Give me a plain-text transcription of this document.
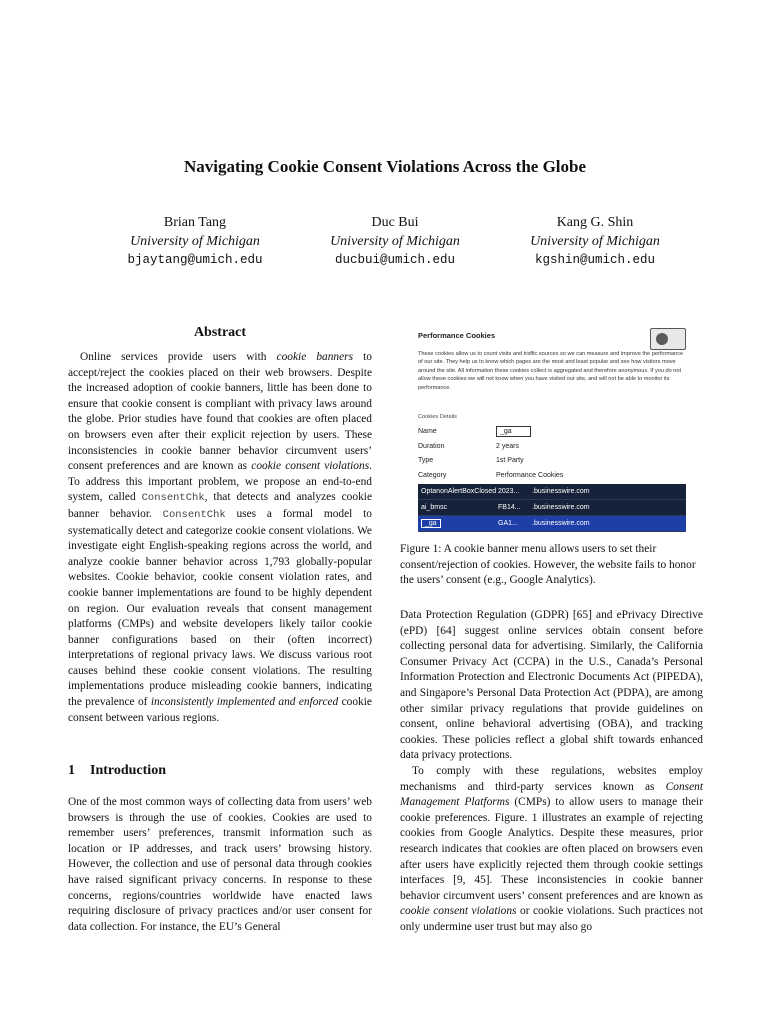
Navigating Cookie Consent Violations Across the Globe
Brian Tang
University of Michigan
bjaytang@umich.edu
Duc Bui
University of Michigan
ducbui@umich.edu
Kang G. Shin
University of Michigan
kgshin@umich.edu
Abstract

Online services provide users with cookie banners to accept/reject the cookies placed on their web browsers. Despite the increased adoption of cookie banners, little has been done to ensure that cookie consent is compliant with privacy laws around the globe. Prior studies have found that cookies are often placed on browsers even after their explicit rejection by users. These inconsistencies in cookie banner behavior circumvent users’ consent preferences and are known as cookie consent violations. To address this important problem, we propose an end-to-end system, called ConsentChk, that detects and analyzes cookie banner behavior. ConsentChk uses a formal model to systematically detect and categorize cookie consent violations. We investigate eight English-speaking regions across the world, and analyze cookie banner behavior across 1,793 globally-popular websites. Cookie behavior, cookie consent violation rates, and cookie banner implementations are found to be highly dependent on region. Our evaluation reveals that consent management platforms (CMPs) and website developers likely tailor cookie banner configurations based on their (often incorrect) interpretations of regional privacy laws. We discuss various root causes behind these cookie consent violations. The resulting implementations produce misleading cookie banners, indicating the prevalence of inconsistently implemented and enforced cookie consent between various regions.

1 Introduction

One of the most common ways of collecting data from users’ web browsers is through the use of cookies. Cookies are used to remember users’ preferences, transmit information such as location or IP addresses, and track users’ browsing history. However, the collection and use of personal data through cookies have raised significant privacy concerns. In response to these concerns, regions/countries worldwide have enacted laws requiring disclosure of privacy practices and/or user consent for data collection. For instance, the EU’s General

Performance Cookies
These cookies allow us to count visits and traffic sources so we can measure and improve the performance of our site. They help us to know which pages are the most and least popular and see how visitors move around the site. All information these cookies collect is aggregated and therefore anonymous. If you do not allow these cookies we will not know when you have visited our site, and will not be able to monitor its performance.
Cookies Details
Name	_ga
Duration	2 years
Type	1st Party
Category	Performance Cookies
OptanonAlertBoxClosed 2023...	.businesswire.com
ai_bmsc	FB14...	.businesswire.com
_ga	GA1...	.businesswire.com
Figure 1: A cookie banner menu allows users to set their consent/rejection of cookies. However, the website fails to honor the users’ consent (e.g., Google Analytics).

Data Protection Regulation (GDPR) [65] and ePrivacy Directive (ePD) [64] suggest online services obtain consent before collecting personal data for advertising. Similarly, the California Consumer Privacy Act (CCPA) in the U.S., Canada’s Personal Information Protection and Electronic Documents Act (PIPEDA), and Singapore’s Personal Data Protection Act (PDPA), are among other similar privacy regulations that provide guidelines on consent, online behavioral advertising (OBA), and tracking cookies. These policies reflect a global shift towards enhanced data privacy protections.

To comply with these regulations, websites employ mechanisms and third-party services known as Consent Management Platforms (CMPs) to allow users to manage their cookie preferences. Figure. 1 illustrates an example of rejecting cookies from Google Analytics. Despite these measures, prior research indicates that cookies are often placed on browsers even after users have explicitly rejected them through cookie settings interfaces [9, 45]. These inconsistencies in cookie banner behavior circumvent users’ consent preferences and are known as cookie consent violations or cookie violations. Such practices not only undermine user trust but may also go
